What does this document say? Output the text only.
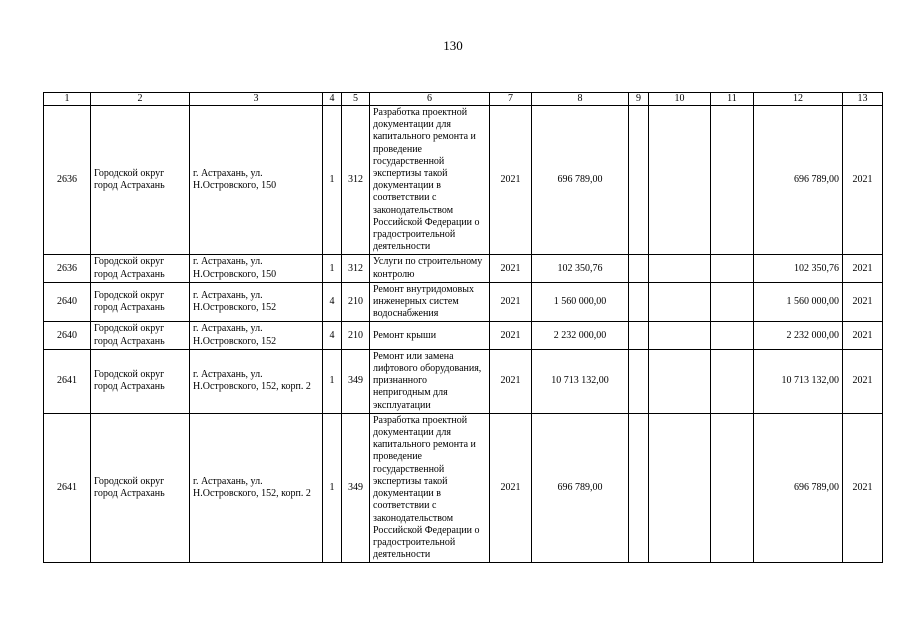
130
1	2	3	4	5	6	7	8	9	10	11	12	13
2636	Городской округ город Астрахань	г. Астрахань, ул. Н.Островского, 150	1	312	Разработка проектной документации для капитального ремонта и проведение государственной экспертизы такой документации в соответствии с законодательством Российской Федерации о градостроительной деятельности	2021	696 789,00				696 789,00	2021
2636	Городской округ город Астрахань	г. Астрахань, ул. Н.Островского, 150	1	312	Услуги по строительному контролю	2021	102 350,76				102 350,76	2021
2640	Городской округ город Астрахань	г. Астрахань, ул. Н.Островского, 152	4	210	Ремонт внутридомовых инженерных систем водоснабжения	2021	1 560 000,00				1 560 000,00	2021
2640	Городской округ город Астрахань	г. Астрахань, ул. Н.Островского, 152	4	210	Ремонт крыши	2021	2 232 000,00				2 232 000,00	2021
2641	Городской округ город Астрахань	г. Астрахань, ул. Н.Островского, 152, корп. 2	1	349	Ремонт или замена лифтового оборудования, признанного непригодным для эксплуатации	2021	10 713 132,00				10 713 132,00	2021
2641	Городской округ город Астрахань	г. Астрахань, ул. Н.Островского, 152, корп. 2	1	349	Разработка проектной документации для капитального ремонта и проведение государственной экспертизы такой документации в соответствии с законодательством Российской Федерации о градостроительной деятельности	2021	696 789,00				696 789,00	2021
